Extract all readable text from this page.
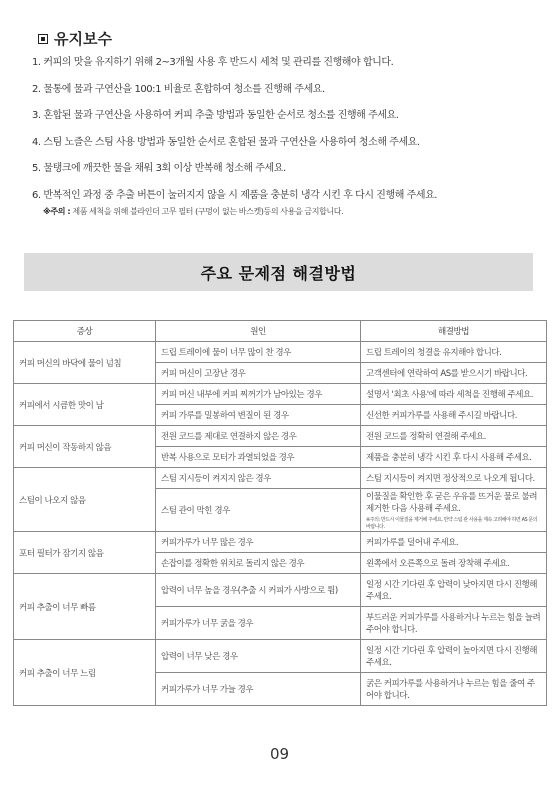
유지보수
1. 커피의 맛을 유지하기 위해 2~3개월 사용 후 반드시 세척 및 관리를 진행해야 합니다.
2. 물통에 물과 구연산을 100:1 비율로 혼합하여 청소를 진행해 주세요.
3. 혼합된 물과 구연산을 사용하여 커피 추출 방법과 동일한 순서로 청소를 진행해 주세요.
4. 스팀 노즐은 스팀 사용 방법과 동일한 순서로 혼합된 물과 구연산을 사용하여 청소해 주세요.
5. 물탱크에 깨끗한 물을 채워 3회 이상 반복해 청소해 주세요.
6. 반복적인 과정 중 추출 버튼이 눌러지지 않을 시 제품을 충분히 냉각 시킨 후 다시 진행해 주세요.
※주의 : 제품 세척을 위해 블라인더 고무 필터 (구멍이 없는 바스켓)등의 사용을 금지합니다.
주요 문제점 해결방법
증상	원인	해결방법
커피 머신의 바닥에 물이 넘침	드립 트레이에 물이 너무 많이 찬 경우	드립 트레이의 청결을 유지해야 합니다.
	커피 머신이 고장난 경우	고객센터에 연락하여 AS를 받으시기 바랍니다.
커피에서 시큼한 맛이 남	커피 머신 내부에 커피 찌꺼기가 남아있는 경우	설명서 '최초 사용'에 따라 세척을 진행해 주세요.
	커피 가루를 밀봉하여 변질이 된 경우	신선한 커피가루를 사용해 주시길 바랍니다.
커피 머신이 작동하지 않음	전원 코드를 제대로 연결하지 않은 경우	전원 코드를 정확히 연결해 주세요.
	반복 사용으로 모터가 과열되었을 경우	제품을 충분히 냉각 시킨 후 다시 사용해 주세요.
스팀이 나오지 않음	스팀 지시등이 켜지지 않은 경우	스팀 지시등이 켜지면 정상적으로 나오게 됩니다.
	스팀 관이 막힌 경우	이물질을 확인한 후 굳은 우유를 뜨거운 물로 불려 제거한 다음 사용해 주세요.
※주의: 반드시 이물질을 제거해 주세요, 만약 스팀 관 사용을 계속 고려해야 하면 AS 문의 바랍니다.

포터 필터가 잠기지 않음	커피가루가 너무 많은 경우	커피가루를 덜어내 주세요.
	손잡이를 정확한 위치로 돌리지 않은 경우	왼쪽에서 오른쪽으로 돌려 장착해 주세요.
커피 추출이 너무 빠름	압력이 너무 높을 경우(추출 시 커피가 사방으로 튐)	일정 시간 기다린 후 압력이 낮아지면 다시 진행해 주세요.
	커피가루가 너무 굵을 경우	부드러운 커피가루를 사용하거나 누르는 힘을 늘려주어야 합니다.
커피 추출이 너무 느림	압력이 너무 낮은 경우	일정 시간 기다린 후 압력이 높아지면 다시 진행해 주세요.
	커피가루가 너무 가늘 경우	굵은 커피가루를 사용하거나 누르는 힘을 줄여 주어야 합니다.
09
